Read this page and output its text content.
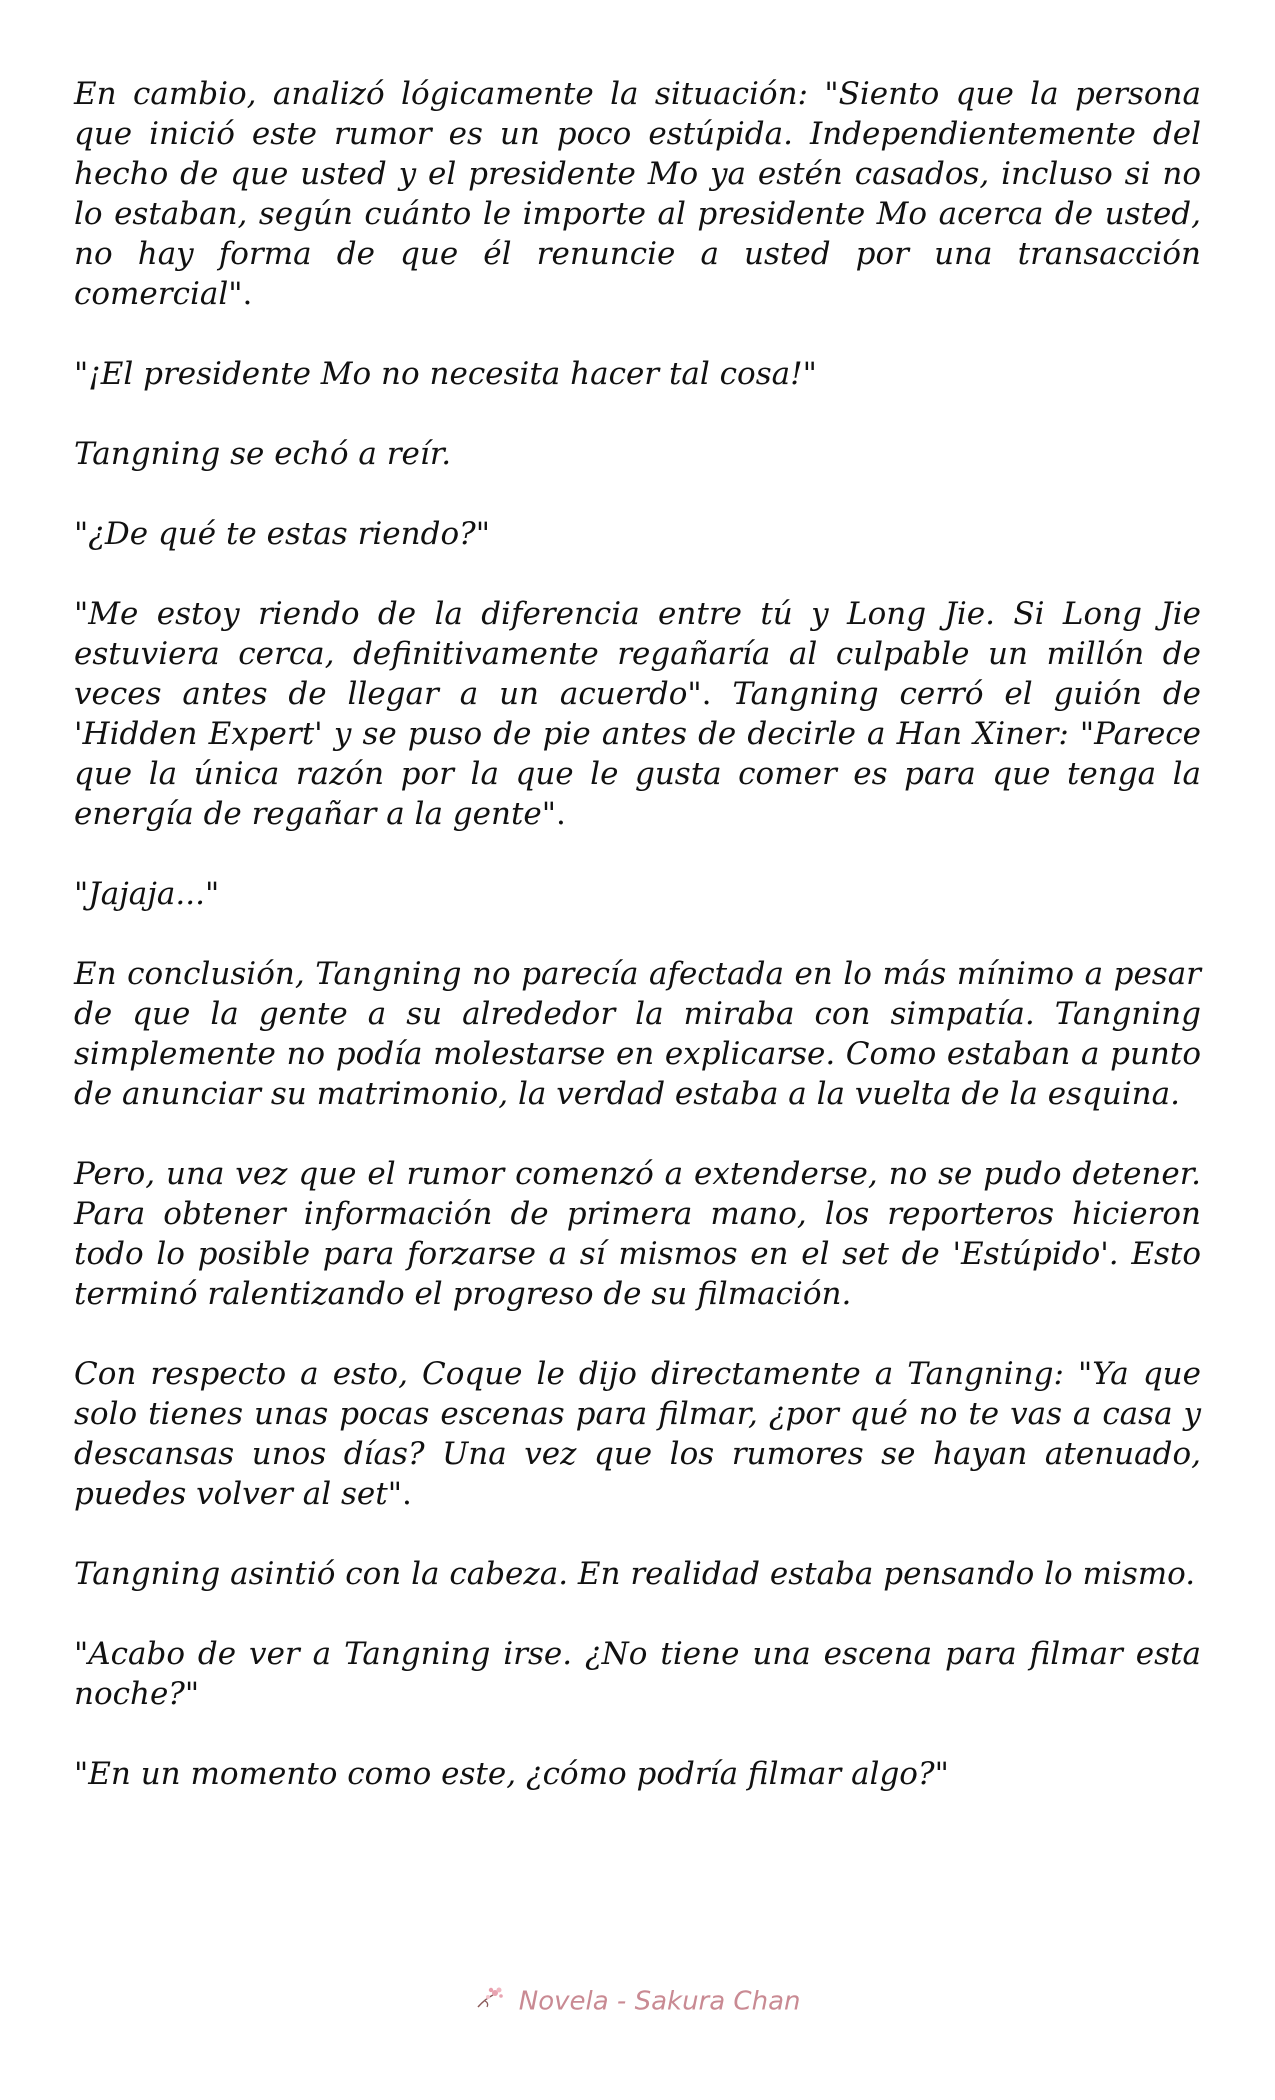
En cambio, analizó lógicamente la situación: "Siento que la persona que inició este rumor es un poco estúpida. Independientemente del hecho de que usted y el presidente Mo ya estén casados, incluso si no lo estaban, según cuánto le importe al presidente Mo acerca de usted, no hay forma de que él renuncie a usted por una transacción comercial".

"¡El presidente Mo no necesita hacer tal cosa!"

Tangning se echó a reír.

"¿De qué te estas riendo?"

"Me estoy riendo de la diferencia entre tú y Long Jie. Si Long Jie estuviera cerca, definitivamente regañaría al culpable un millón de veces antes de llegar a un acuerdo". Tangning cerró el guión de 'Hidden Expert' y se puso de pie antes de decirle a Han Xiner: "Parece que la única razón por la que le gusta comer es para que tenga la energía de regañar a la gente".

"Jajaja..."

En conclusión, Tangning no parecía afectada en lo más mínimo a pesar de que la gente a su alrededor la miraba con simpatía. Tangning simplemente no podía molestarse en explicarse. Como estaban a punto de anunciar su matrimonio, la verdad estaba a la vuelta de la esquina.

Pero, una vez que el rumor comenzó a extenderse, no se pudo detener. Para obtener información de primera mano, los reporteros hicieron todo lo posible para forzarse a sí mismos en el set de 'Estúpido'. Esto terminó ralentizando el progreso de su filmación.

Con respecto a esto, Coque le dijo directamente a Tangning: "Ya que solo tienes unas pocas escenas para filmar, ¿por qué no te vas a casa y descansas unos días? Una vez que los rumores se hayan atenuado, puedes volver al set".

Tangning asintió con la cabeza. En realidad estaba pensando lo mismo.

"Acabo de ver a Tangning irse. ¿No tiene una escena para filmar esta noche?"

"En un momento como este, ¿cómo podría filmar algo?"

Novela - Sakura Chan
